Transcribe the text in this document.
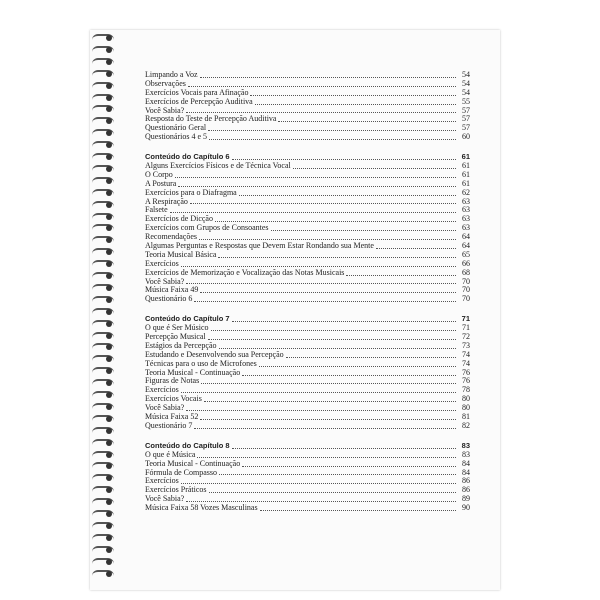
Limpando a Voz	54
Observações	54
Exercícios Vocais para Afinação	54
Exercícios de Percepção Auditiva	55
Você Sabia?	57
Resposta do Teste de Percepção Auditiva	57
Questionário Geral	57
Questionários 4 e 5	60
Conteúdo do Capítulo 6	61
Alguns Exercícios Físicos e de Técnica Vocal	61
O Corpo	61
A Postura	61
Exercícios para o Diafragma	62
A Respiração	63
Falsete	63
Exercícios de Dicção	63
Exercícios com Grupos de Consoantes	63
Recomendações	64
Algumas Perguntas e Respostas que Devem Estar Rondando sua Mente	64
Teoria Musical Básica	65
Exercícios	66
Exercícios de Memorização e Vocalização das Notas Musicais	68
Você Sabia?	70
Música Faixa 49	70
Questionário 6	70
Conteúdo do Capítulo 7	71
O que é Ser Músico	71
Percepção Musical	72
Estágios da Percepção	73
Estudando e Desenvolvendo sua Percepção	74
Técnicas para o uso de Microfones	74
Teoria Musical - Continuação	76
Figuras de Notas	76
Exercícios	78
Exercícios Vocais	80
Você Sabia?	80
Música Faixa 52	81
Questionário 7	82
Conteúdo do Capítulo 8	83
O que é Música	83
Teoria Musical - Continuação	84
Fórmula de Compasso	84
Exercícios	86
Exercícios Práticos	86
Você Sabia?	89
Música Faixa 58 Vozes Masculinas	90
